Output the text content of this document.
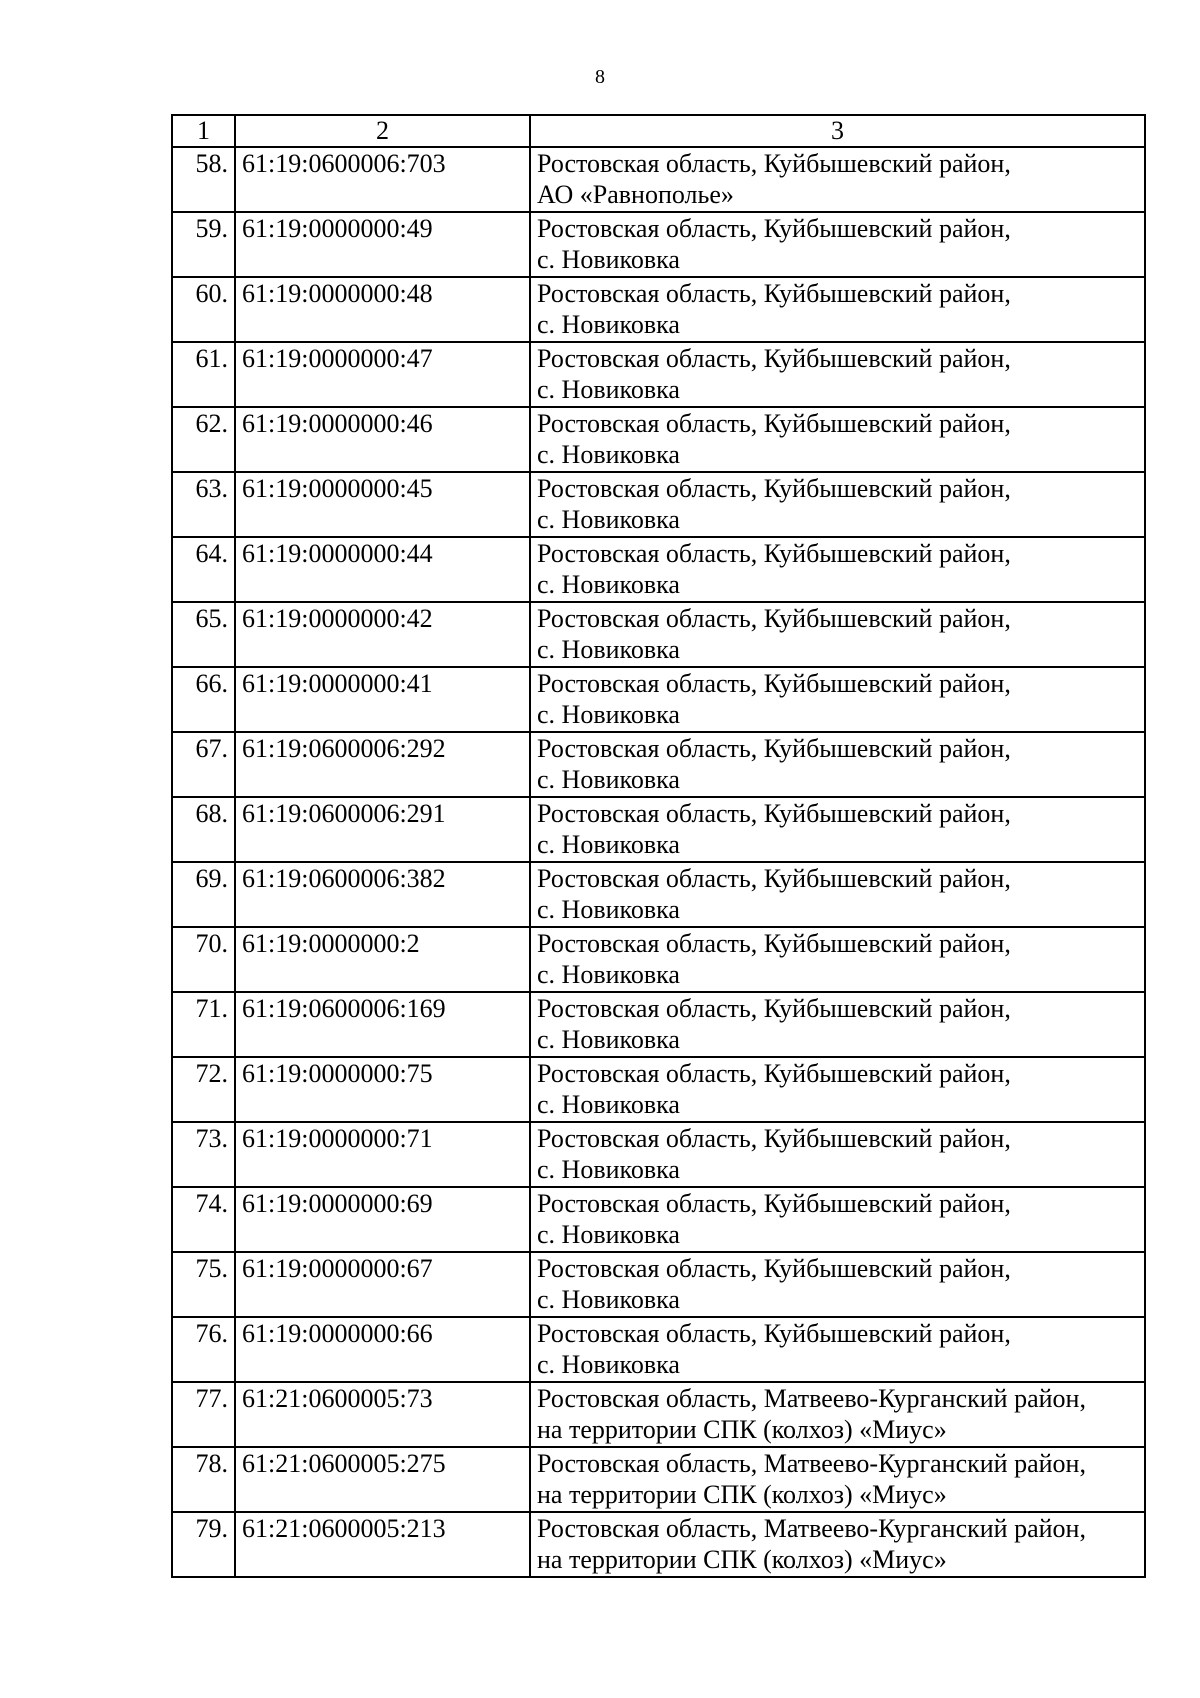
8
1	2	3
58.	61:19:0600006:703	Ростовская область, Куйбышевский район,
АО «Равнополье»

59.	61:19:0000000:49	Ростовская область, Куйбышевский район,
с. Новиковка

60.	61:19:0000000:48	Ростовская область, Куйбышевский район,
с. Новиковка

61.	61:19:0000000:47	Ростовская область, Куйбышевский район,
с. Новиковка

62.	61:19:0000000:46	Ростовская область, Куйбышевский район,
с. Новиковка

63.	61:19:0000000:45	Ростовская область, Куйбышевский район,
с. Новиковка

64.	61:19:0000000:44	Ростовская область, Куйбышевский район,
с. Новиковка

65.	61:19:0000000:42	Ростовская область, Куйбышевский район,
с. Новиковка

66.	61:19:0000000:41	Ростовская область, Куйбышевский район,
с. Новиковка

67.	61:19:0600006:292	Ростовская область, Куйбышевский район,
с. Новиковка

68.	61:19:0600006:291	Ростовская область, Куйбышевский район,
с. Новиковка

69.	61:19:0600006:382	Ростовская область, Куйбышевский район,
с. Новиковка

70.	61:19:0000000:2	Ростовская область, Куйбышевский район,
с. Новиковка

71.	61:19:0600006:169	Ростовская область, Куйбышевский район,
с. Новиковка

72.	61:19:0000000:75	Ростовская область, Куйбышевский район,
с. Новиковка

73.	61:19:0000000:71	Ростовская область, Куйбышевский район,
с. Новиковка

74.	61:19:0000000:69	Ростовская область, Куйбышевский район,
с. Новиковка

75.	61:19:0000000:67	Ростовская область, Куйбышевский район,
с. Новиковка

76.	61:19:0000000:66	Ростовская область, Куйбышевский район,
с. Новиковка

77.	61:21:0600005:73	Ростовская область, Матвеево-Курганский район,
на территории СПК (колхоз) «Миус»

78.	61:21:0600005:275	Ростовская область, Матвеево-Курганский район,
на территории СПК (колхоз) «Миус»

79.	61:21:0600005:213	Ростовская область, Матвеево-Курганский район,
на территории СПК (колхоз) «Миус»
